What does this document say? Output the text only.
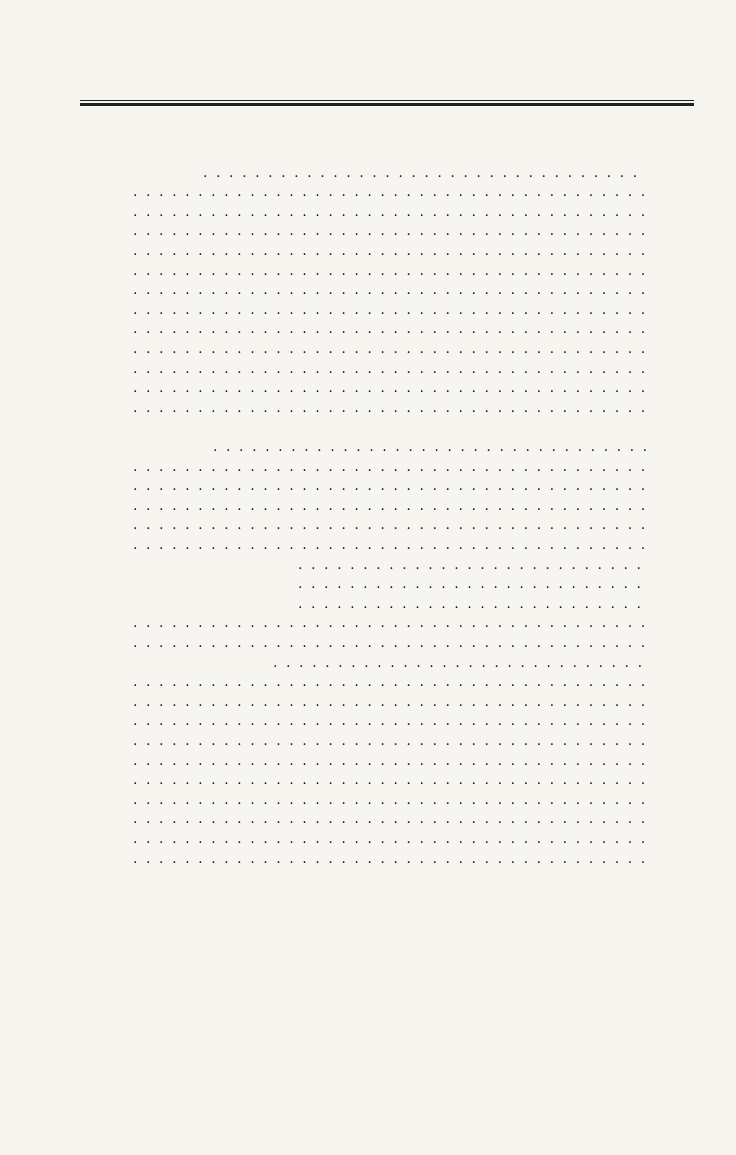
. . .
. . .
. . .
. . .
. . .
. . .
. . .
. . .
. . .
. . .
. . .
. . .
. . .
. . .
. . .
. . .
. . .
. . .
. . .
. . .
. . .
. . .
. . .
. . .
. . .
. . .
. . .
. . .
. . .
. . .
. . .
. . .
. . .
. . .
. . .
